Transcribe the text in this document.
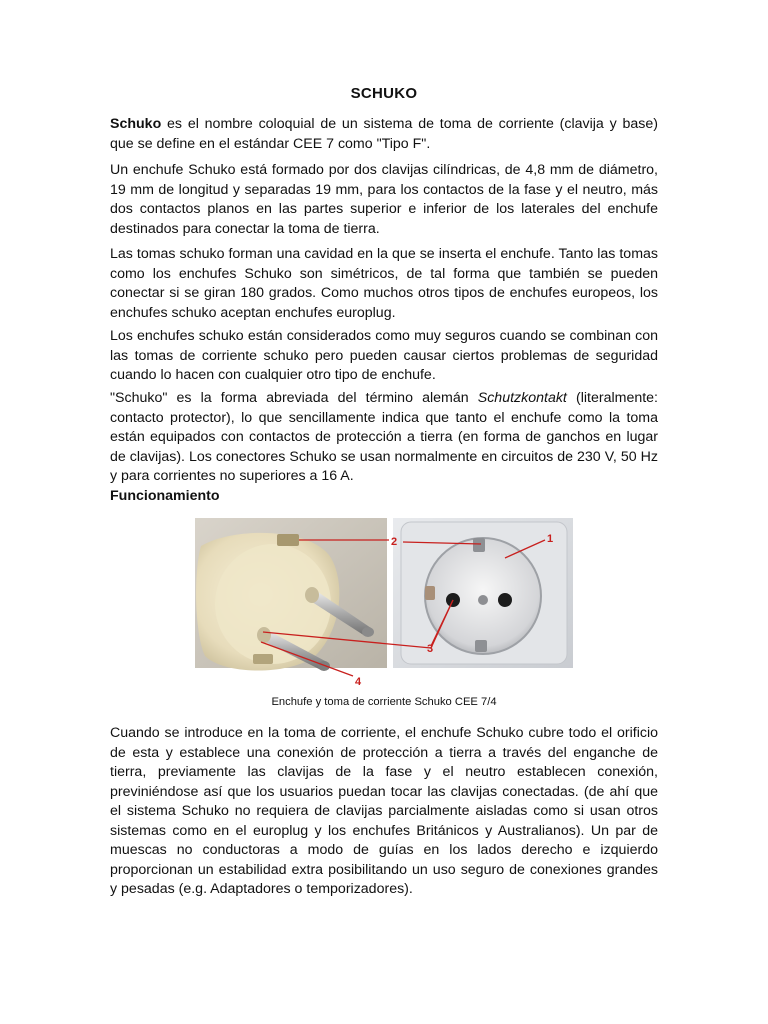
SCHUKO

Schuko es el nombre coloquial de un sistema de toma de corriente (clavija y base) que se define en el estándar CEE 7 como "Tipo F".

Un enchufe Schuko está formado por dos clavijas cilíndricas, de 4,8 mm de diámetro, 19 mm de longitud y separadas 19 mm, para los contactos de la fase y el neutro, más dos contactos planos en las partes superior e inferior de los laterales del enchufe destinados para conectar la toma de tierra.

Las tomas schuko forman una cavidad en la que se inserta el enchufe. Tanto las tomas como los enchufes Schuko son simétricos, de tal forma que también se pueden conectar si se giran 180 grados. Como muchos otros tipos de enchufes europeos, los enchufes schuko aceptan enchufes europlug.

Los enchufes schuko están considerados como muy seguros cuando se combinan con las tomas de corriente schuko pero pueden causar ciertos problemas de seguridad cuando lo hacen con cualquier otro tipo de enchufe.

"Schuko" es la forma abreviada del término alemán Schutzkontakt (literalmente: contacto protector), lo que sencillamente indica que tanto el enchufe como la toma están equipados con contactos de protección a tierra (en forma de ganchos en lugar de clavijas). Los conectores Schuko se usan normalmente en circuitos de 230 V, 50 Hz y para corrientes no superiores a 16 A.

Funcionamiento
2	1
3
4

Enchufe y toma de corriente Schuko CEE 7/4

Cuando se introduce en la toma de corriente, el enchufe Schuko cubre todo el orificio de esta y establece una conexión de protección a tierra a través del enganche de tierra, previamente las clavijas de la fase y el neutro establecen conexión, previniéndose así que los usuarios puedan tocar las clavijas conectadas. (de ahí que el sistema Schuko no requiera de clavijas parcialmente aisladas como si usan otros sistemas como en el europlug y los enchufes Británicos y Australianos). Un par de muescas no conductoras a modo de guías en los lados derecho e izquierdo proporcionan un estabilidad extra posibilitando un uso seguro de conexiones grandes y pesadas (e.g. Adaptadores o temporizadores).
